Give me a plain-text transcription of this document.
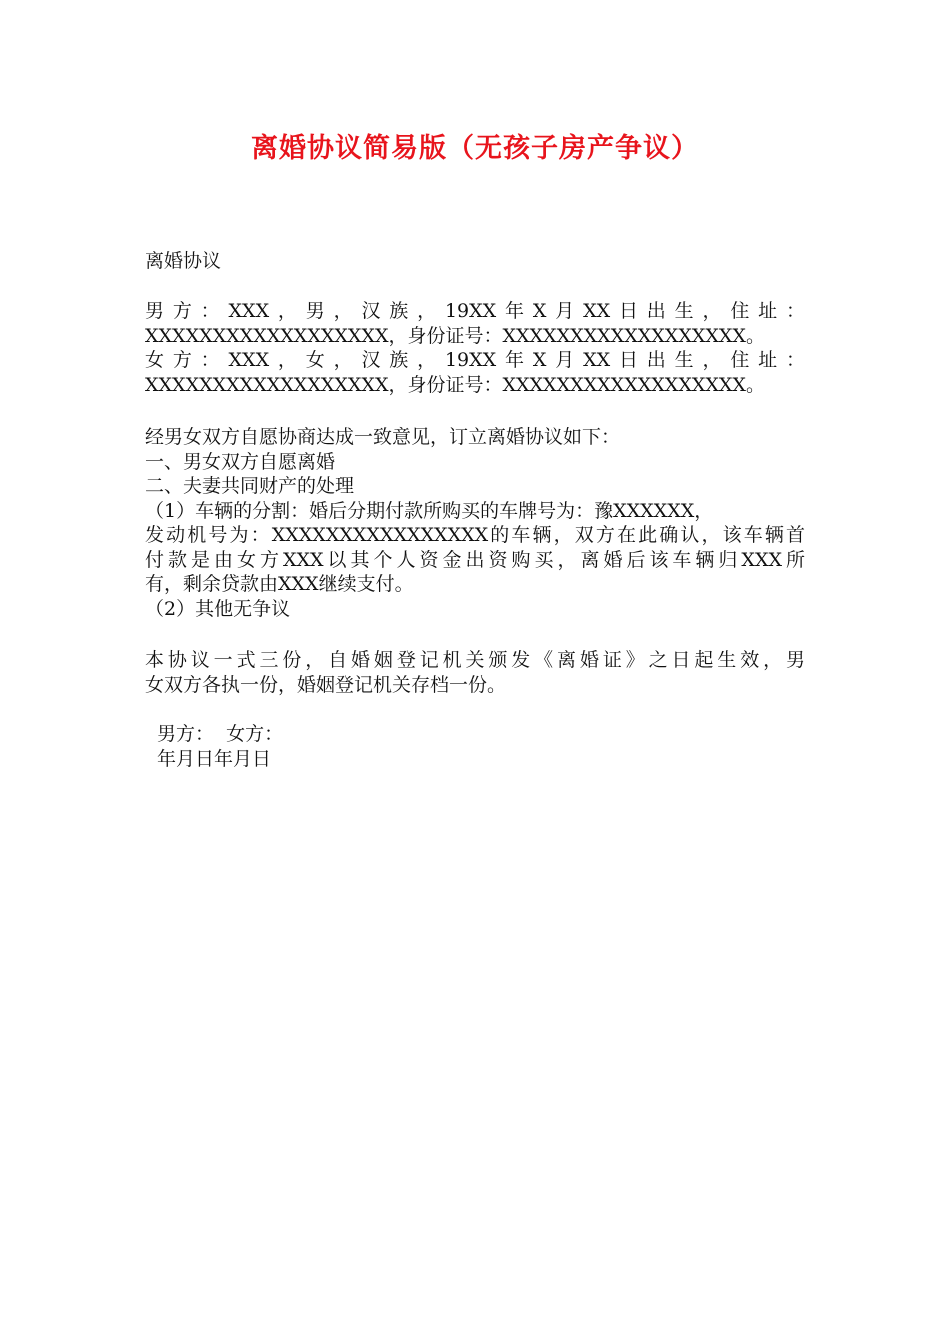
离婚协议简易版（无孩子房产争议）
离婚协议
男方：XXX，男，汉族，19XX年X月XX日出生，住址：
XXXXXXXXXXXXXXXXXX，身份证号：XXXXXXXXXXXXXXXXXX。
女方：XXX，女，汉族，19XX年X月XX日出生，住址：
XXXXXXXXXXXXXXXXXX，身份证号：XXXXXXXXXXXXXXXXXX。
经男女双方自愿协商达成一致意见，订立离婚协议如下：
一、男女双方自愿离婚
二、夫妻共同财产的处理
（1）车辆的分割：婚后分期付款所购买的车牌号为：豫XXXXXX，
发动机号为：XXXXXXXXXXXXXXXX的车辆，双方在此确认，该车辆首
付款是由女方XXX以其个人资金出资购买，离婚后该车辆归XXX所
有，剩余贷款由XXX继续支付。
（2）其他无争议
本协议一式三份，自婚姻登记机关颁发《离婚证》之日起生效，男
女双方各执一份，婚姻登记机关存档一份。
男方：  女方：
年月日年月日
